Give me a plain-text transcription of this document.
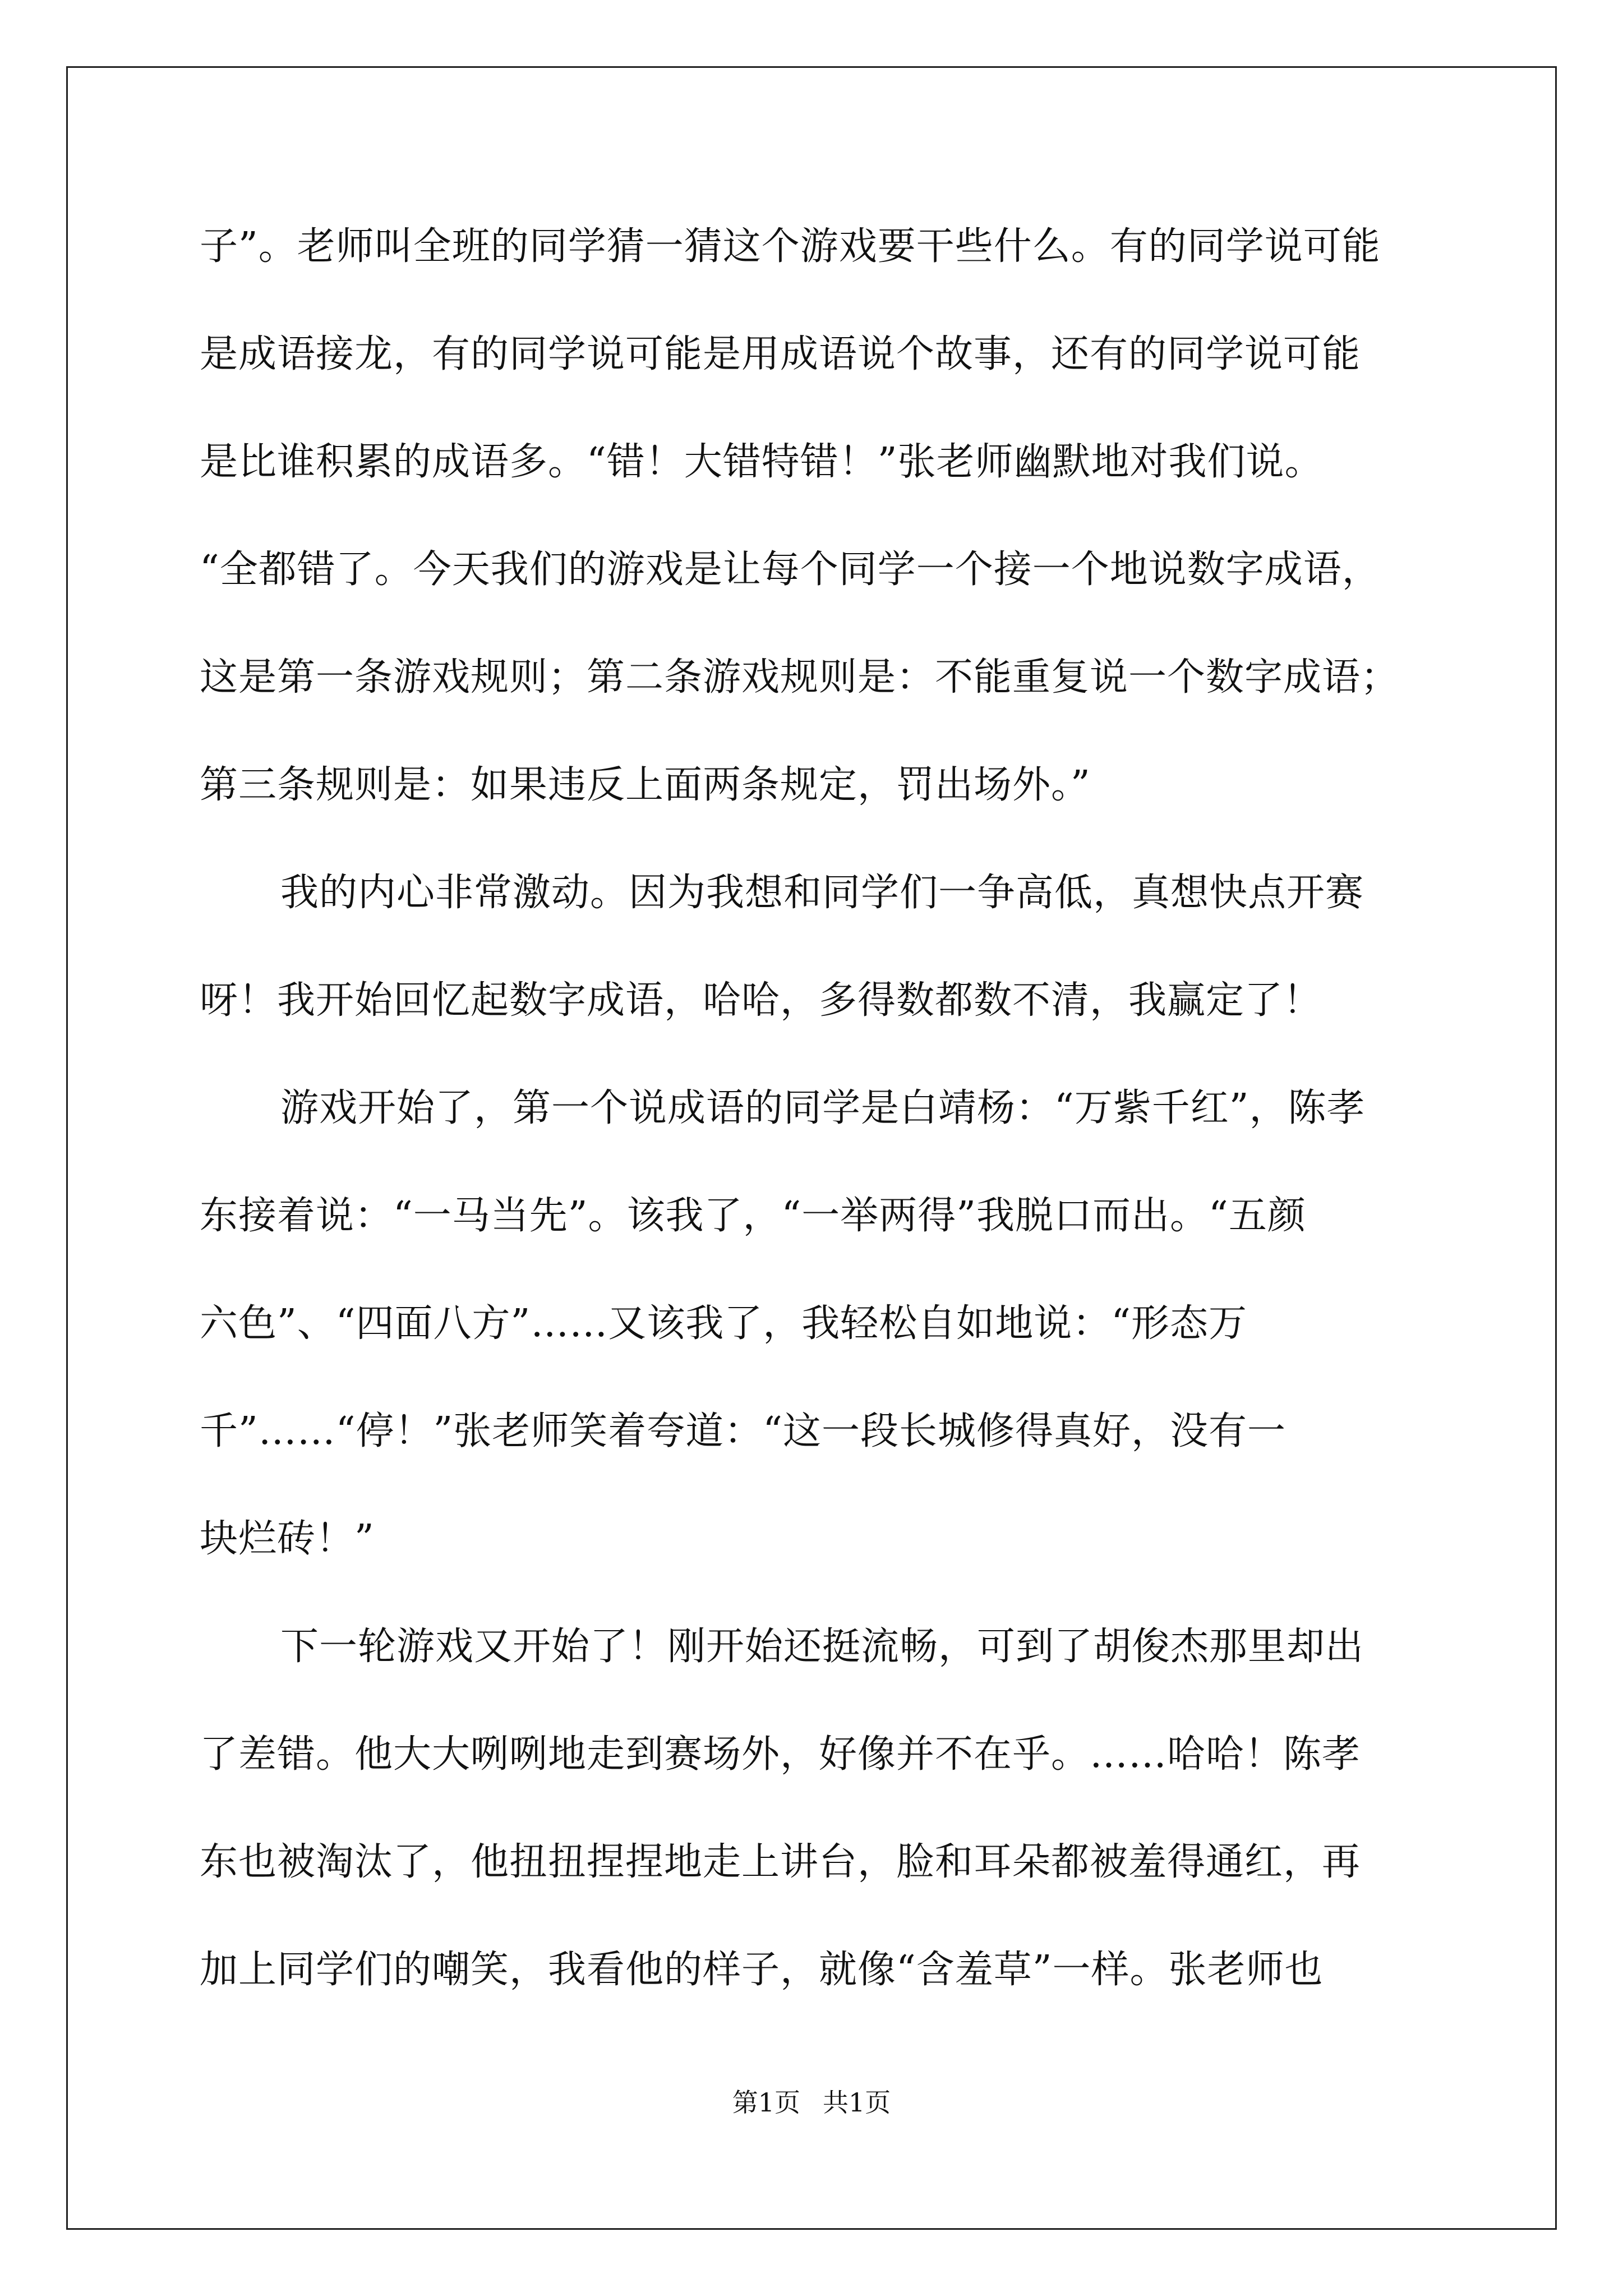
子”。老师叫全班的同学猜一猜这个游戏要干些什么。有的同学说可能
是成语接龙，有的同学说可能是用成语说个故事，还有的同学说可能
是比谁积累的成语多。“错！大错特错！”张老师幽默地对我们说。
“全都错了。今天我们的游戏是让每个同学一个接一个地说数字成语，
这是第一条游戏规则；第二条游戏规则是：不能重复说一个数字成语；
第三条规则是：如果违反上面两条规定，罚出场外。”
我的内心非常激动。因为我想和同学们一争高低，真想快点开赛
呀！我开始回忆起数字成语，哈哈，多得数都数不清，我赢定了！
游戏开始了，第一个说成语的同学是白靖杨：“万紫千红”，陈孝
东接着说：“一马当先”。该我了，“一举两得”我脱口而出。“五颜
六色”、“四面八方”……又该我了，我轻松自如地说：“形态万
千”……“停！”张老师笑着夸道：“这一段长城修得真好，没有一
块烂砖！”
下一轮游戏又开始了！刚开始还挺流畅，可到了胡俊杰那里却出
了差错。他大大咧咧地走到赛场外，好像并不在乎。……哈哈！陈孝
东也被淘汰了，他扭扭捏捏地走上讲台，脸和耳朵都被羞得通红，再
加上同学们的嘲笑，我看他的样子，就像“含羞草”一样。张老师也
第1页 共1页
